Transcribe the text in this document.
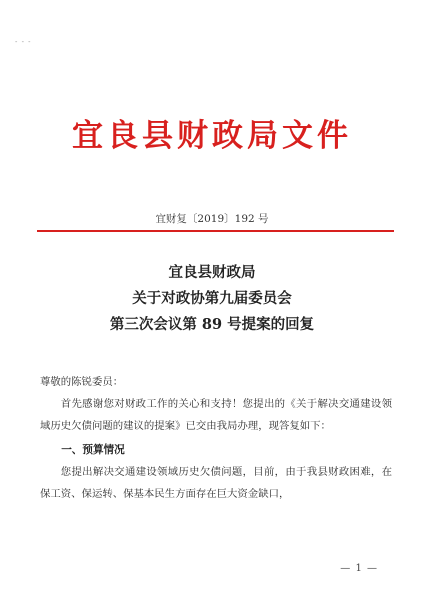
- - -
宜良县财政局文件
宜财复〔2019〕192 号
宜良县财政局
关于对政协第九届委员会
第三次会议第 89 号提案的回复

尊敬的陈锐委员：

首先感谢您对财政工作的关心和支持！您提出的《关于解决交通建设领域历史欠债问题的建议的提案》已交由我局办理，现答复如下：

一、预算情况

您提出解决交通建设领域历史欠债问题，目前，由于我县财政困难，在保工资、保运转、保基本民生方面存在巨大资金缺口，

— 1 —
